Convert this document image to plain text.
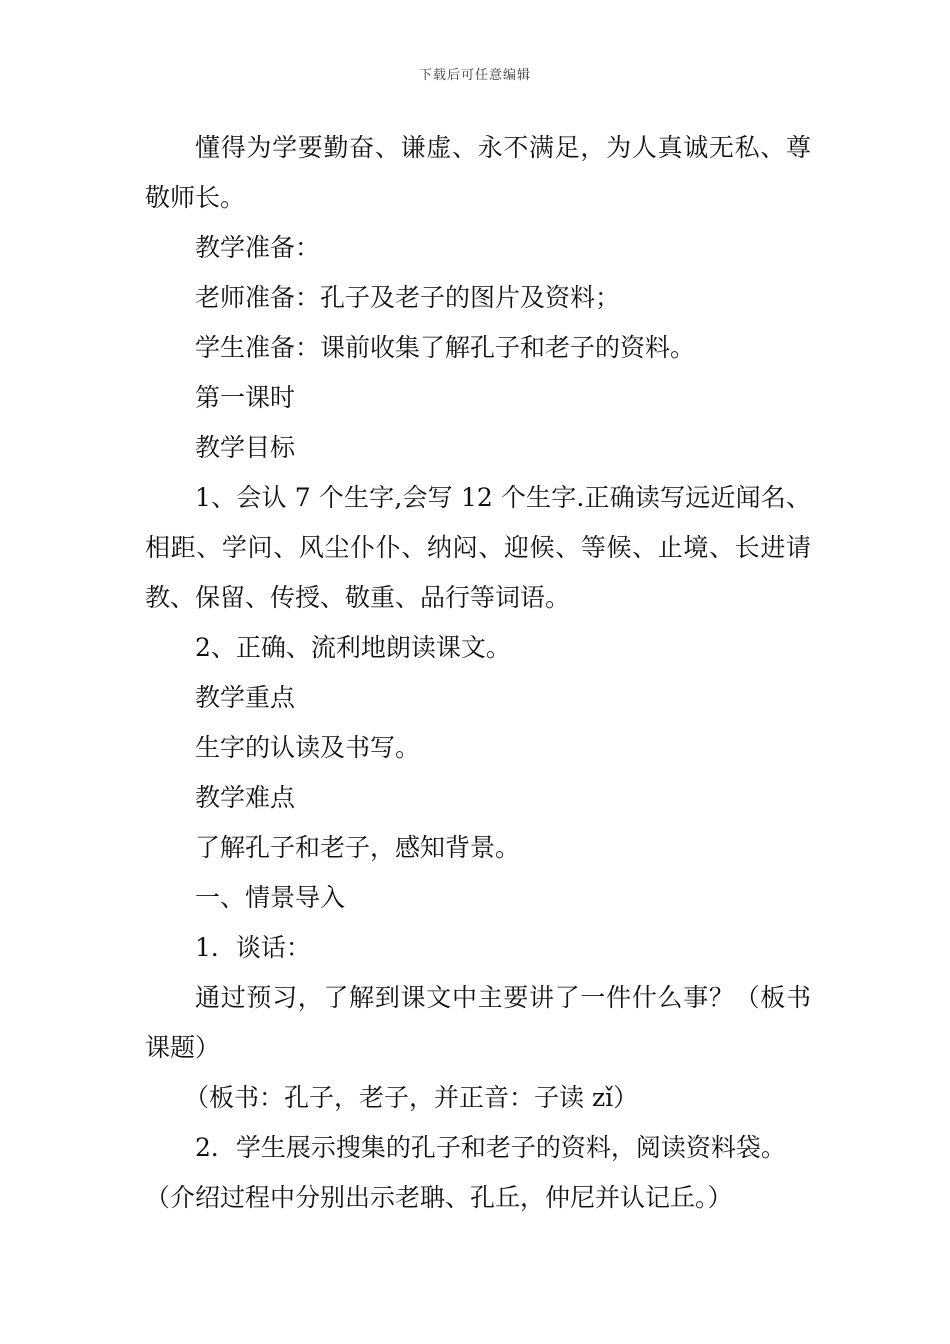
下载后可任意编辑

懂得为学要勤奋、谦虚、永不满足，为人真诚无私、尊敬师长。

教学准备：

老师准备：孔子及老子的图片及资料；

学生准备：课前收集了解孔子和老子的资料。

第一课时

教学目标

1、会认 7 个生字,会写 12 个生字.正确读写远近闻名、相距、学问、风尘仆仆、纳闷、迎候、等候、止境、长进请教、保留、传授、敬重、品行等词语。

2、正确、流利地朗读课文。

教学重点

生字的认读及书写。

教学难点

了解孔子和老子，感知背景。

一、情景导入

1．谈话：

通过预习，了解到课文中主要讲了一件什么事？（板书课题）

（板书：孔子，老子，并正音：子读 zǐ）

2．学生展示搜集的孔子和老子的资料，阅读资料袋。

（介绍过程中分别出示老聃、孔丘，仲尼并认记丘。）
